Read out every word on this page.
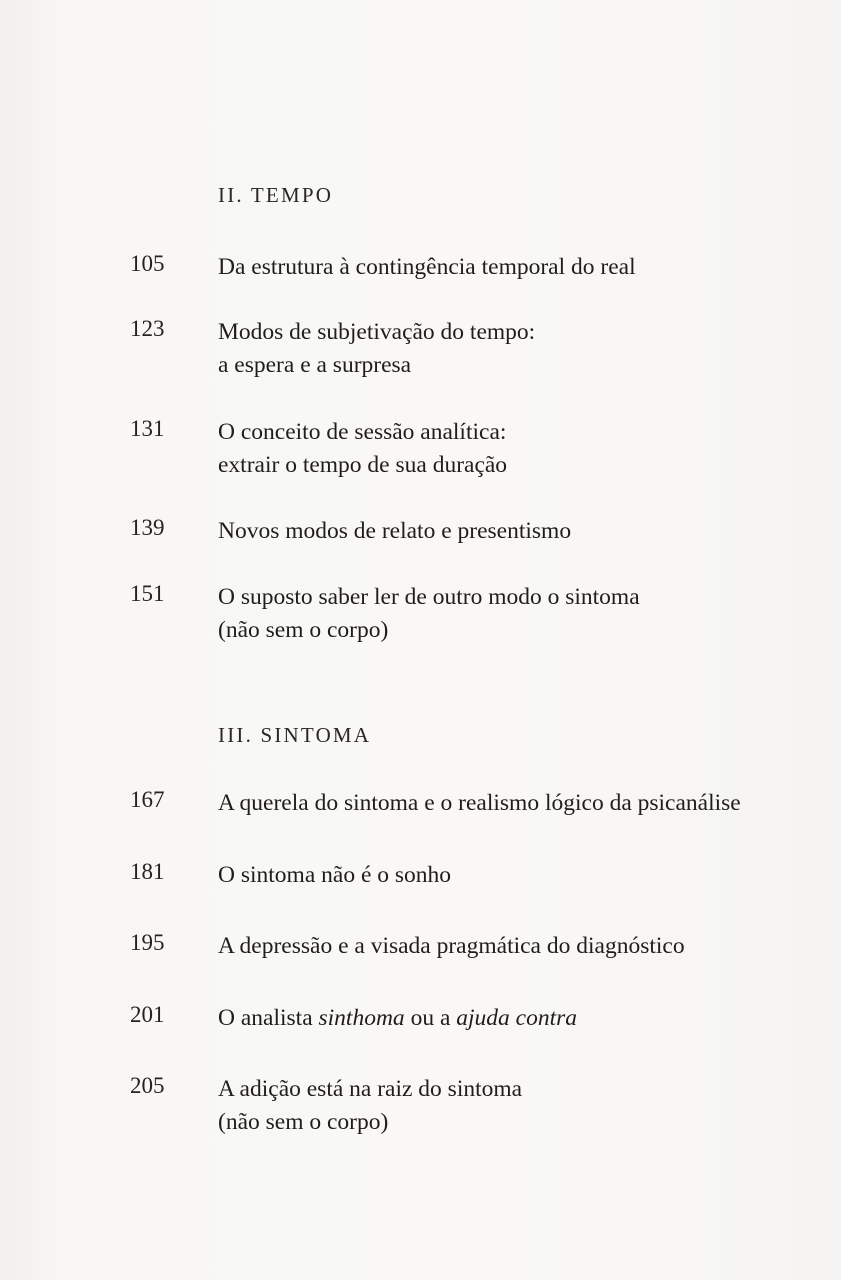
II. TEMPO
105 Da estrutura à contingência temporal do real
123 Modos de subjetivação do tempo:
a espera e a surpresa
131 O conceito de sessão analítica:
extrair o tempo de sua duração
139 Novos modos de relato e presentismo
151 O suposto saber ler de outro modo o sintoma
(não sem o corpo)
III. SINTOMA
167 A querela do sintoma e o realismo lógico da psicanálise
181 O sintoma não é o sonho
195 A depressão e a visada pragmática do diagnóstico
201 O analista sinthoma ou a ajuda contra
205 A adição está na raiz do sintoma
(não sem o corpo)
